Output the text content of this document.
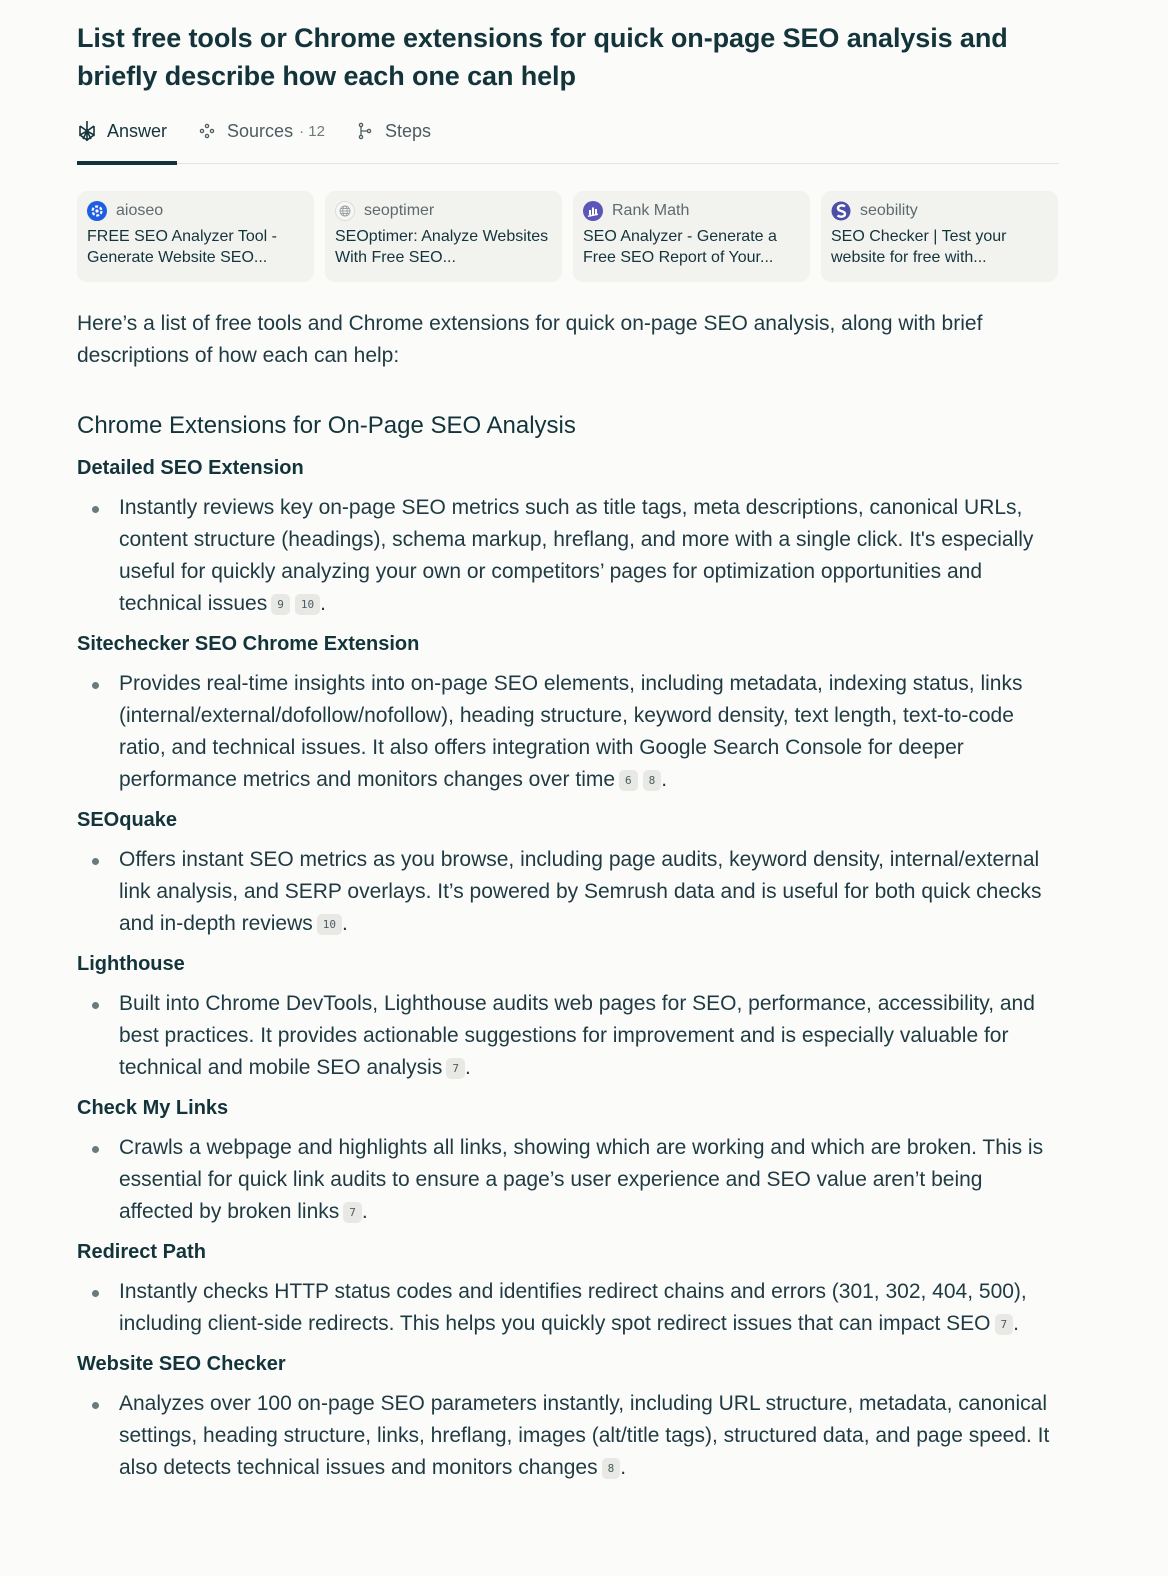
List free tools or Chrome extensions for quick on-page SEO analysis and briefly describe how each one can help
Answer	Sources · 12	Steps
aioseo
FREE SEO Analyzer Tool - Generate Website SEO...
seoptimer
SEOptimer: Analyze Websites With Free SEO...
Rank Math
SEO Analyzer - Generate a Free SEO Report of Your...
seobility
SEO Checker | Test your website for free with...
Here’s a list of free tools and Chrome extensions for quick on-page SEO analysis, along with brief descriptions of how each can help:
Chrome Extensions for On-Page SEO Analysis
Detailed SEO Extension
Instantly reviews key on-page SEO metrics such as title tags, meta descriptions, canonical URLs, content structure (headings), schema markup, hreflang, and more with a single click. It's especially useful for quickly analyzing your own or competitors’ pages for optimization opportunities and technical issues 9 10 .
Sitechecker SEO Chrome Extension
Provides real-time insights into on-page SEO elements, including metadata, indexing status, links (internal/external/dofollow/nofollow), heading structure, keyword density, text length, text-to-code ratio, and technical issues. It also offers integration with Google Search Console for deeper performance metrics and monitors changes over time 6 8 .
SEOquake
Offers instant SEO metrics as you browse, including page audits, keyword density, internal/external link analysis, and SERP overlays. It’s powered by Semrush data and is useful for both quick checks and in-depth reviews 10 .
Lighthouse
Built into Chrome DevTools, Lighthouse audits web pages for SEO, performance, accessibility, and best practices. It provides actionable suggestions for improvement and is especially valuable for technical and mobile SEO analysis 7 .
Check My Links
Crawls a webpage and highlights all links, showing which are working and which are broken. This is essential for quick link audits to ensure a page’s user experience and SEO value aren’t being affected by broken links 7 .
Redirect Path
Instantly checks HTTP status codes and identifies redirect chains and errors (301, 302, 404, 500), including client-side redirects. This helps you quickly spot redirect issues that can impact SEO 7 .
Website SEO Checker
Analyzes over 100 on-page SEO parameters instantly, including URL structure, metadata, canonical settings, heading structure, links, hreflang, images (alt/title tags), structured data, and page speed. It also detects technical issues and monitors changes 8 .
